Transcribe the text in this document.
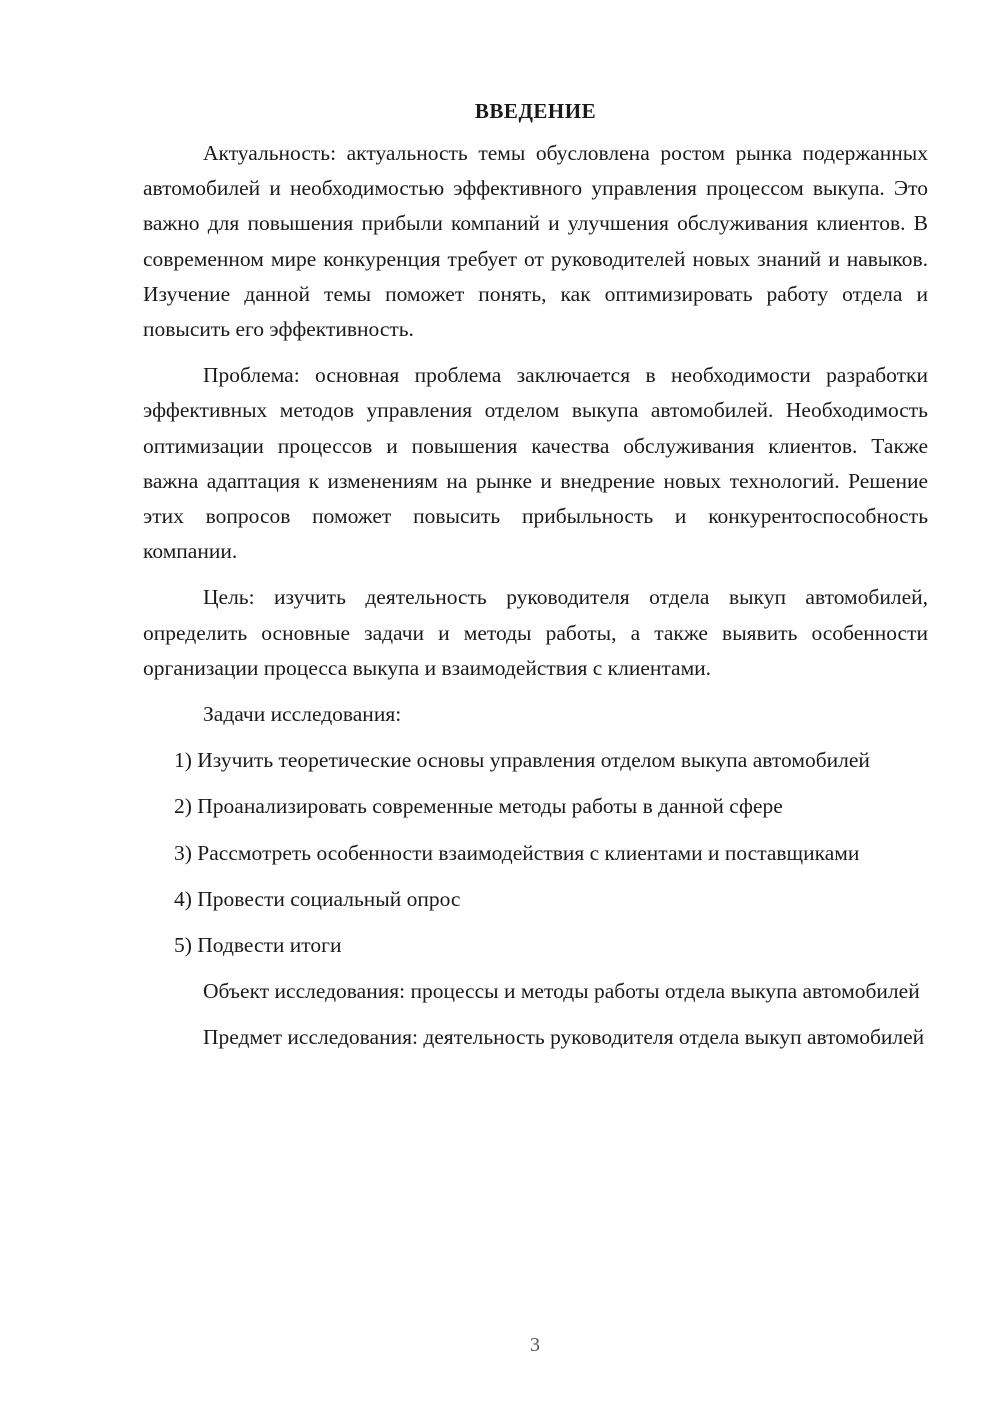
ВВЕДЕНИЕ

Актуальность: актуальность темы обусловлена ростом рынка подержанных автомобилей и необходимостью эффективного управления процессом выкупа. Это важно для повышения прибыли компаний и улучшения обслуживания клиентов. В современном мире конкуренция требует от руководителей новых знаний и навыков. Изучение данной темы поможет понять, как оптимизировать работу отдела и повысить его эффективность.

Проблема: основная проблема заключается в необходимости разработки эффективных методов управления отделом выкупа автомобилей. Необходимость оптимизации процессов и повышения качества обслуживания клиентов. Также важна адаптация к изменениям на рынке и внедрение новых технологий. Решение этих вопросов поможет повысить прибыльность и конкурентоспособность компании.

Цель: изучить деятельность руководителя отдела выкуп автомобилей, определить основные задачи и методы работы, а также выявить особенности организации процесса выкупа и взаимодействия с клиентами.

Задачи исследования:

1) Изучить теоретические основы управления отделом выкупа автомобилей

2) Проанализировать современные методы работы в данной сфере

3) Рассмотреть особенности взаимодействия с клиентами и поставщиками

4) Провести социальный опрос

5) Подвести итоги

Объект исследования: процессы и методы работы отдела выкупа автомобилей

Предмет исследования: деятельность руководителя отдела выкуп автомобилей

3
